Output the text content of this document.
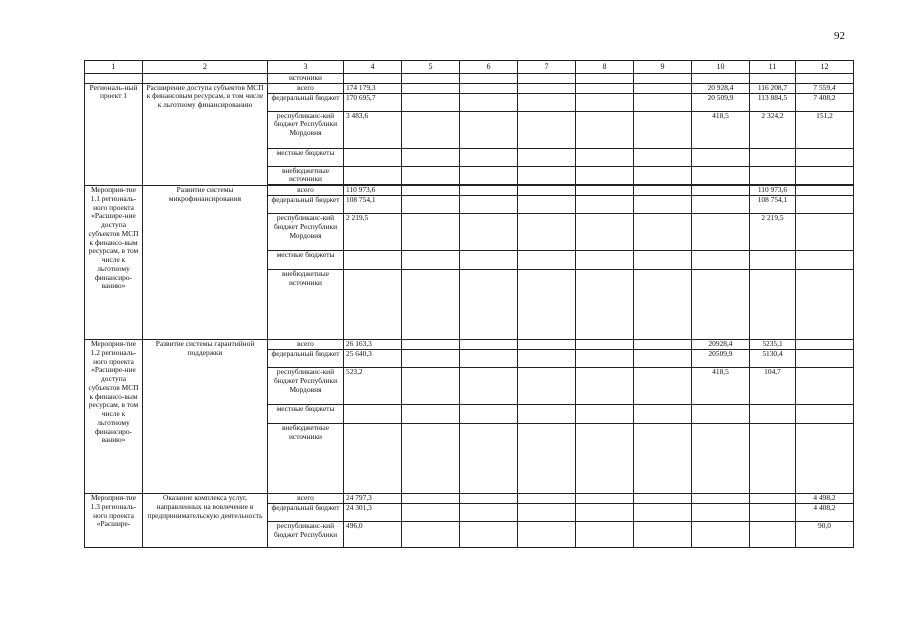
92
1	2	3	4	5	6	7	8	9	10	11	12
		источники									
Региональ-ный проект 1	Расширение доступа субъектов МСП к финансовым ресурсам, в том числе к льготному финансированию	всего	174 179,3						20 928,4	116 208,7	7 559,4
		федеральный бюджет	170 695,7						20 509,9	113 884,5	7 408,2
		республиканс-кий бюджет Республики Мордовия	3 483,6						418,5	2 324,2	151,2
		местные бюджеты									
		внебюджетные источники									

Мероприя-тие 1.1 региональ-ного проекта «Расшире-ние доступа субъектов МСП к финансо-вым ресурсам, в том числе к льготному финансиро-ванию»	Развитие системы микрофинансирования	всего	110 973,6							110 973,6	
		федеральный бюджет	108 754,1							108 754,1	
		республиканс-кий бюджет Республики Мордовия	2 219,5							2 219,5	
		местные бюджеты									
		внебюджетные источники									
Мероприя-тие 1.2 региональ-ного проекта «Расшире-ние доступа субъектов МСП к финансо-вым ресурсам, в том числе к льготному финансиро-ванию»	Развитие системы гарантийной поддержки	всего	26 163,3						20928,4	5235,1	
		федеральный бюджет	25 640,3						20509,9	5130,4	
		республиканс-кий бюджет Республики Мордовия	523,2						418,5	104,7	
		местные бюджеты									
		внебюджетные источники									
Мероприя-тие 1.3 региональ-ного проекта «Расшире-	Оказание комплекса услуг, направленных на вовлечение в предпринимательскую деятельность	всего	24 797,3								4 498,2
		федеральный бюджет	24 301,3								4 408,2
		республиканс-кий бюджет Республики	496,0								90,0
